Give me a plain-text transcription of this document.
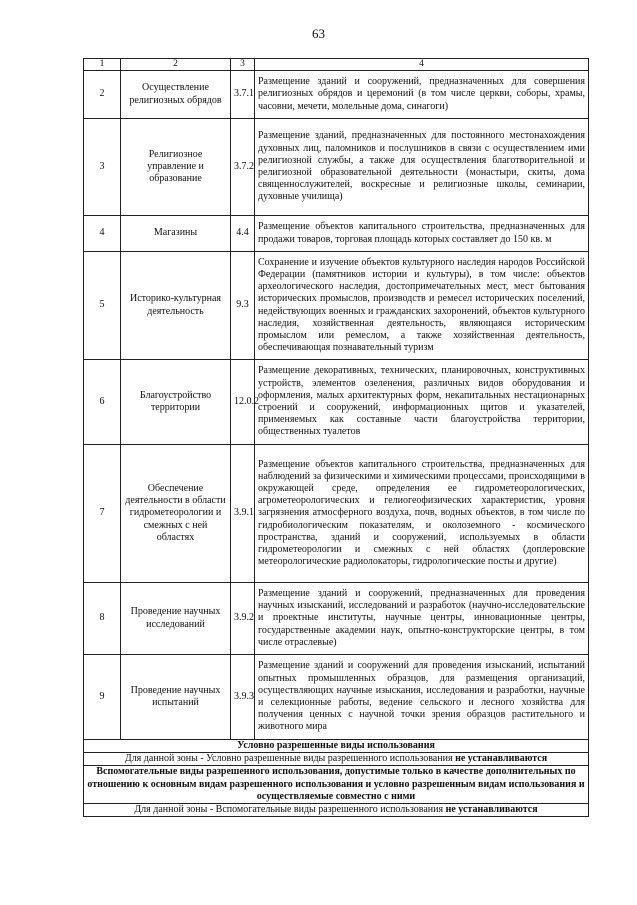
63
1	2	3	4
2	Осуществление религиозных обрядов	3.7.1	Размещение зданий и сооружений, предназначенных для совершения религиозных обрядов и церемоний (в том числе церкви, соборы, храмы, часовни, мечети, молельные дома, синагоги)
3	Религиозное управление и образование	3.7.2	Размещение зданий, предназначенных для постоянного местонахождения духовных лиц, паломников и послушников в связи с осуществлением ими религиозной службы, а также для осуществления благотворительной и религиозной образовательной деятельности (монастыри, скиты, дома священнослужителей, воскресные и религиозные школы, семинарии, духовные училища)
4	Магазины	4.4	Размещение объектов капитального строительства, предназначенных для продажи товаров, торговая площадь которых составляет до 150 кв. м
5	Историко-культурная деятельность	9.3	Сохранение и изучение объектов культурного наследия народов Российской Федерации (памятников истории и культуры), в том числе: объектов археологического наследия, достопримечательных мест, мест бытования исторических промыслов, производств и ремесел исторических поселений, недействующих военных и гражданских захоронений, объектов культурного наследия, хозяйственная деятельность, являющаяся историческим промыслом или ремеслом, а также хозяйственная деятельность, обеспечивающая познавательный туризм
6	Благоустройство территории	12.0.2	Размещение декоративных, технических, планировочных, конструктивных устройств, элементов озеленения, различных видов оборудования и оформления, малых архитектурных форм, некапитальных нестационарных строений и сооружений, информационных щитов и указателей, применяемых как составные части благоустройства территории, общественных туалетов
7	Обеспечение деятельности в области гидрометеорологии и смежных с ней областях	3.9.1	Размещение объектов капитального строительства, предназначенных для наблюдений за физическими и химическими процессами, происходящими в окружающей среде, определения ее гидрометеорологических, агрометеорологических и гелиогеофизических характеристик, уровня загрязнения атмосферного воздуха, почв, водных объектов, в том числе по гидробиологическим показателям, и околоземного - космического пространства, зданий и сооружений, используемых в области гидрометеорологии и смежных с ней областях (доплеровские метеорологические радиолокаторы, гидрологические посты и другие)
8	Проведение научных исследований	3.9.2	Размещение зданий и сооружений, предназначенных для проведения научных изысканий, исследований и разработок (научно-исследовательские и проектные институты, научные центры, инновационные центры, государственные академии наук, опытно-конструкторские центры, в том числе отраслевые)
9	Проведение научных испытаний	3.9.3	Размещение зданий и сооружений для проведения изысканий, испытаний опытных промышленных образцов, для размещения организаций, осуществляющих научные изыскания, исследования и разработки, научные и селекционные работы, ведение сельского и лесного хозяйства для получения ценных с научной точки зрения образцов растительного и животного мира
Условно разрешенные виды использования			
Для данной зоны - Условно разрешенные виды разрешенного использования не устанавливаются			
Вспомогательные виды разрешенного использования, допустимые только в качестве дополнительных по отношению к основным видам разрешенного использования и условно разрешенным видам использования и осуществляемые совместно с ними			
Для данной зоны - Вспомогательные виды разрешенного использования не устанавливаются			
